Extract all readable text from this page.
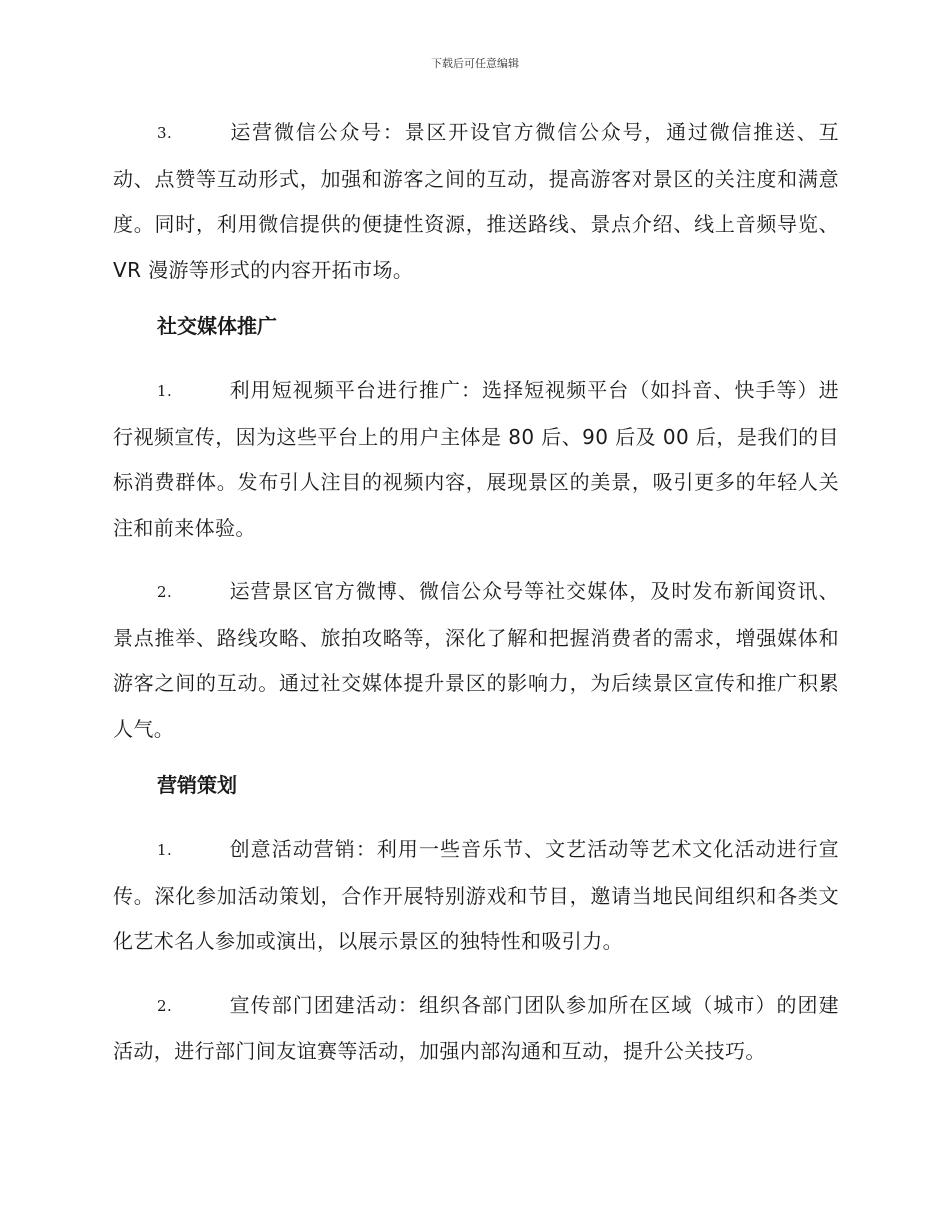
下载后可任意编辑

3.	运营微信公众号：景区开设官方微信公众号，通过微信推送、互动、点赞等互动形式，加强和游客之间的互动，提高游客对景区的关注度和满意度。同时，利用微信提供的便捷性资源，推送路线、景点介绍、线上音频导览、VR 漫游等形式的内容开拓市场。

社交媒体推广

1.	利用短视频平台进行推广：选择短视频平台（如抖音、快手等）进行视频宣传，因为这些平台上的用户主体是 80 后、90 后及 00 后，是我们的目标消费群体。发布引人注目的视频内容，展现景区的美景，吸引更多的年轻人关注和前来体验。

2.	运营景区官方微博、微信公众号等社交媒体，及时发布新闻资讯、景点推举、路线攻略、旅拍攻略等，深化了解和把握消费者的需求，增强媒体和游客之间的互动。通过社交媒体提升景区的影响力，为后续景区宣传和推广积累人气。

营销策划

1.	创意活动营销：利用一些音乐节、文艺活动等艺术文化活动进行宣传。深化参加活动策划，合作开展特别游戏和节目，邀请当地民间组织和各类文化艺术名人参加或演出，以展示景区的独特性和吸引力。

2.	宣传部门团建活动：组织各部门团队参加所在区域（城市）的团建活动，进行部门间友谊赛等活动，加强内部沟通和互动，提升公关技巧。
